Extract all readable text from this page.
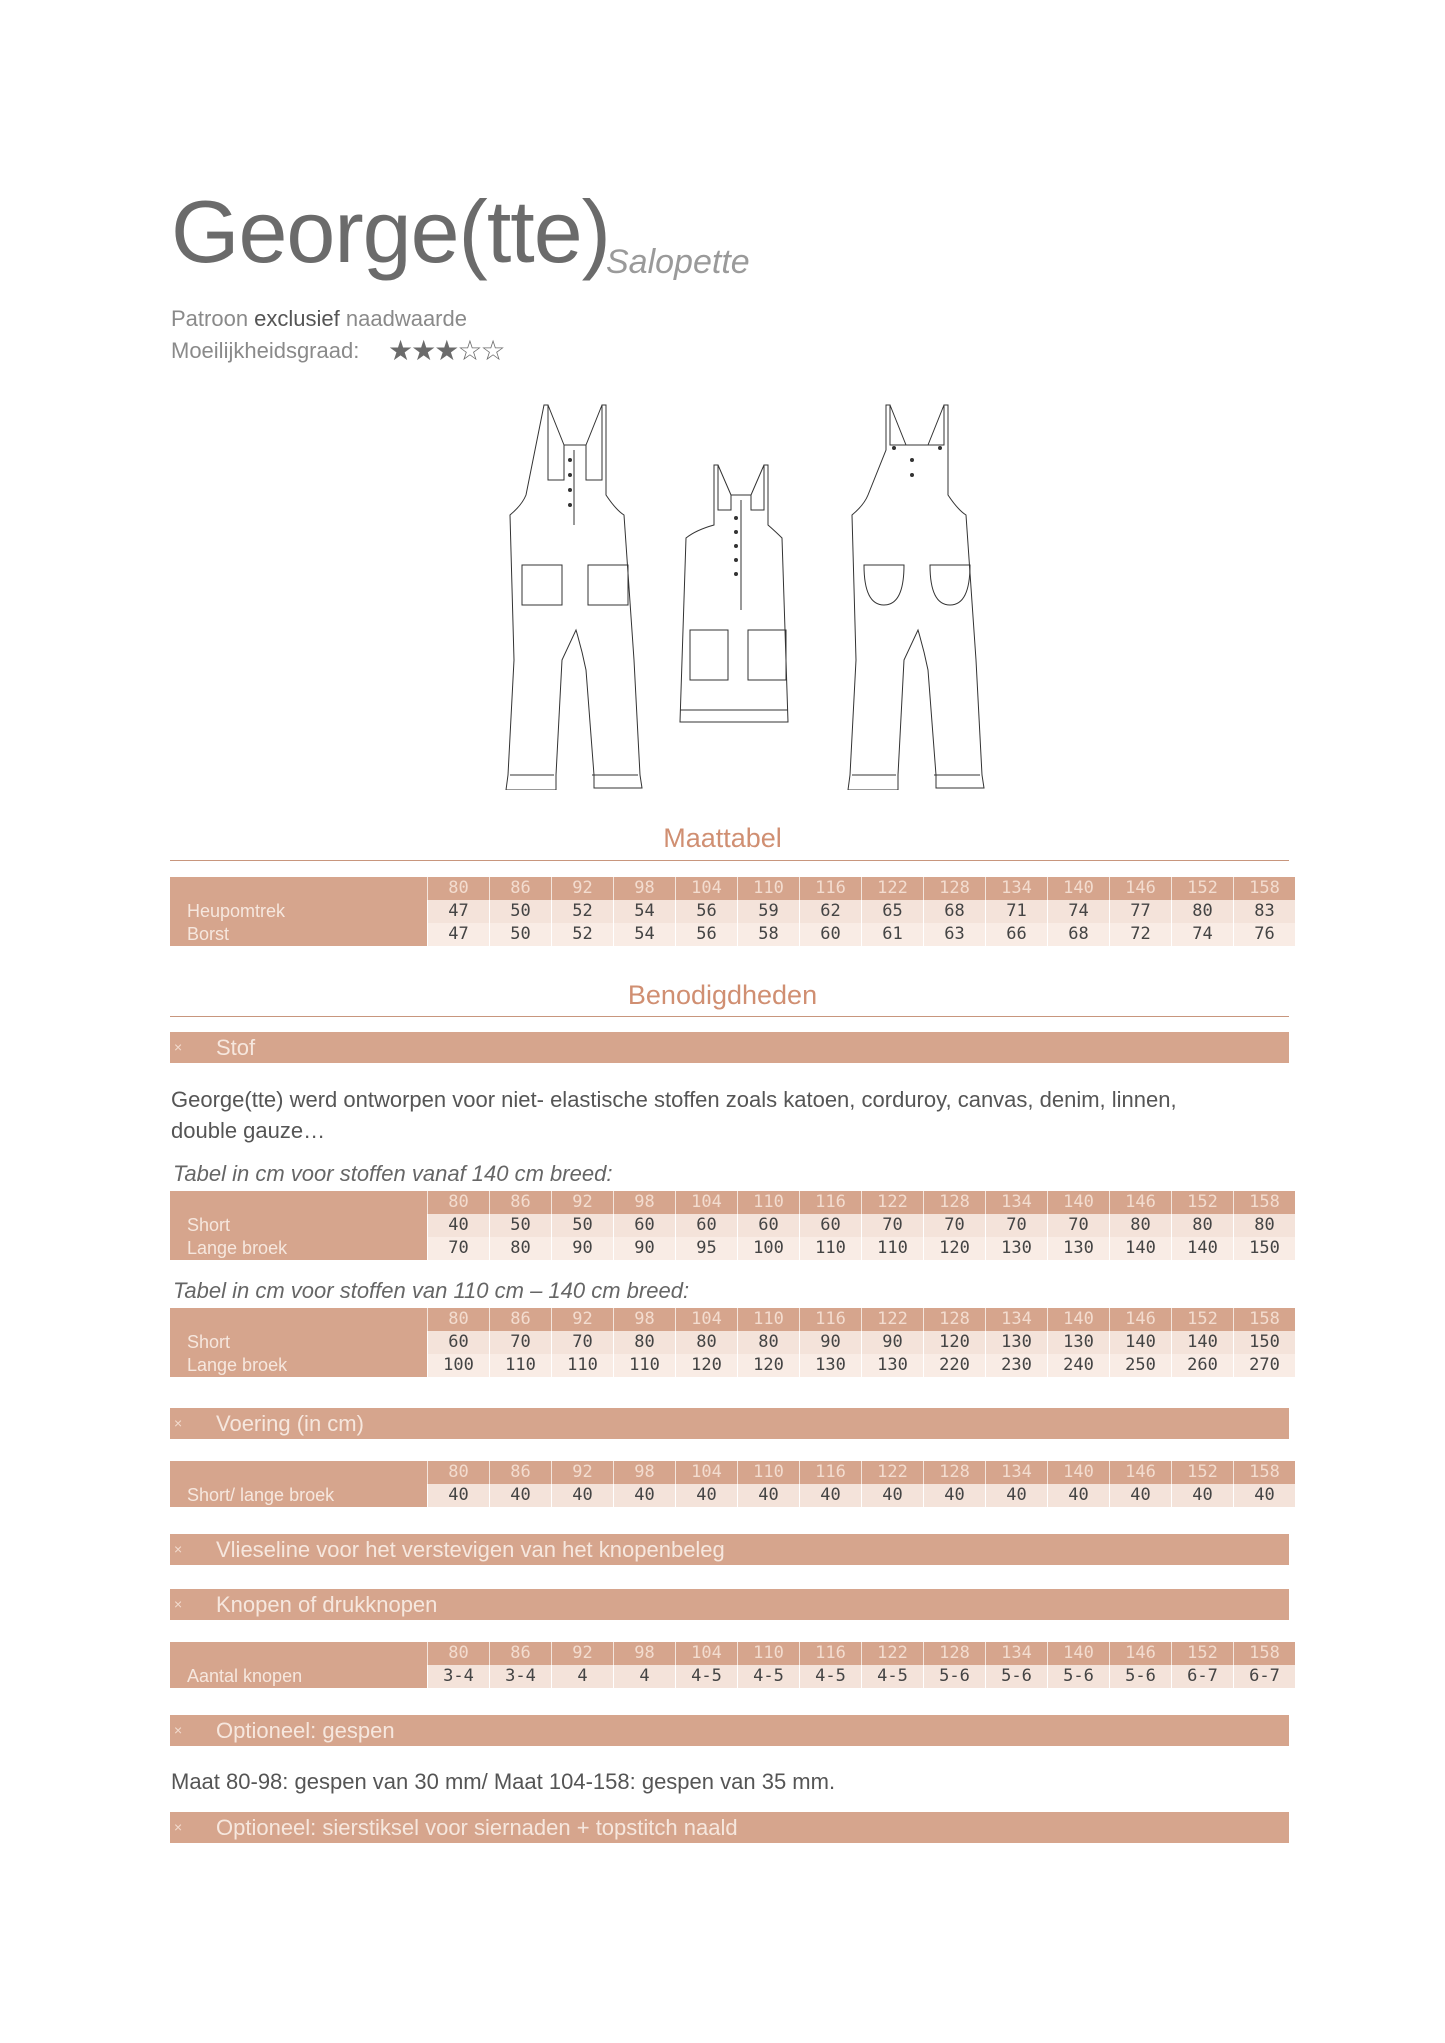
George(tte)
Salopette
Patroon exclusief naadwaarde
Moeilijkheidsgraad: ★★★☆☆
Maattabel
	80	86	92	98	104	110	116	122	128	134	140	146	152	158
Heupomtrek	47	50	52	54	56	59	62	65	68	71	74	77	80	83
Borst	47	50	52	54	56	58	60	61	63	66	68	72	74	76
Benodigdheden
× Stof
George(tte) werd ontworpen voor niet- elastische stoffen zoals katoen, corduroy, canvas, denim, linnen,
double gauze…
Tabel in cm voor stoffen vanaf 140 cm breed:
	80	86	92	98	104	110	116	122	128	134	140	146	152	158
Short	40	50	50	60	60	60	60	70	70	70	70	80	80	80
Lange broek	70	80	90	90	95	100	110	110	120	130	130	140	140	150
Tabel in cm voor stoffen van 110 cm – 140 cm breed:
	80	86	92	98	104	110	116	122	128	134	140	146	152	158
Short	60	70	70	80	80	80	90	90	120	130	130	140	140	150
Lange broek	100	110	110	110	120	120	130	130	220	230	240	250	260	270
× Voering (in cm)
	80	86	92	98	104	110	116	122	128	134	140	146	152	158
Short/ lange broek	40	40	40	40	40	40	40	40	40	40	40	40	40	40
× Vlieseline voor het verstevigen van het knopenbeleg
× Knopen of drukknopen
	80	86	92	98	104	110	116	122	128	134	140	146	152	158
Aantal knopen	3-4	3-4	4	4	4-5	4-5	4-5	4-5	5-6	5-6	5-6	5-6	6-7	6-7
× Optioneel: gespen
Maat 80-98: gespen van 30 mm/ Maat 104-158: gespen van 35 mm.
× Optioneel: sierstiksel voor siernaden + topstitch naald
